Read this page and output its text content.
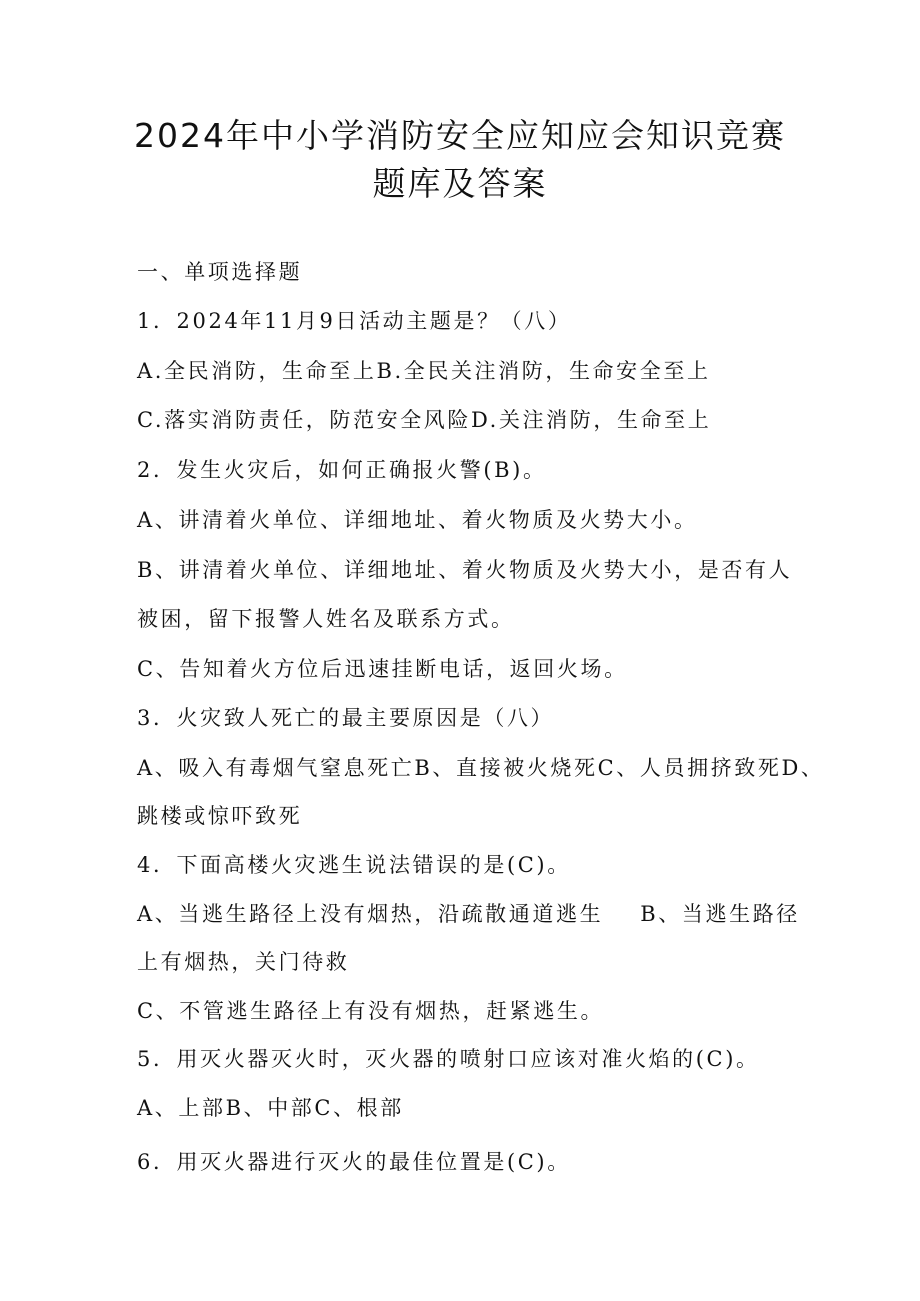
2024年中小学消防安全应知应会知识竞赛
题库及答案
一、单项选择题
1．2024年11月9日活动主题是？（八）
A.全民消防，生命至上B.全民关注消防，生命安全至上
C.落实消防责任，防范安全风险D.关注消防，生命至上
2．发生火灾后，如何正确报火警(B)。
A、讲清着火单位、详细地址、着火物质及火势大小。
B、讲清着火单位、详细地址、着火物质及火势大小，是否有人
被困，留下报警人姓名及联系方式。
C、告知着火方位后迅速挂断电话，返回火场。
3．火灾致人死亡的最主要原因是（八）
A、吸入有毒烟气窒息死亡B、直接被火烧死C、人员拥挤致死D、
跳楼或惊吓致死
4．下面高楼火灾逃生说法错误的是(C)。
A、当逃生路径上没有烟热，沿疏散通道逃生    B、当逃生路径
上有烟热，关门待救
C、不管逃生路径上有没有烟热，赶紧逃生。
5．用灭火器灭火时，灭火器的喷射口应该对准火焰的(C)。
A、上部B、中部C、根部
6．用灭火器进行灭火的最佳位置是(C)。
